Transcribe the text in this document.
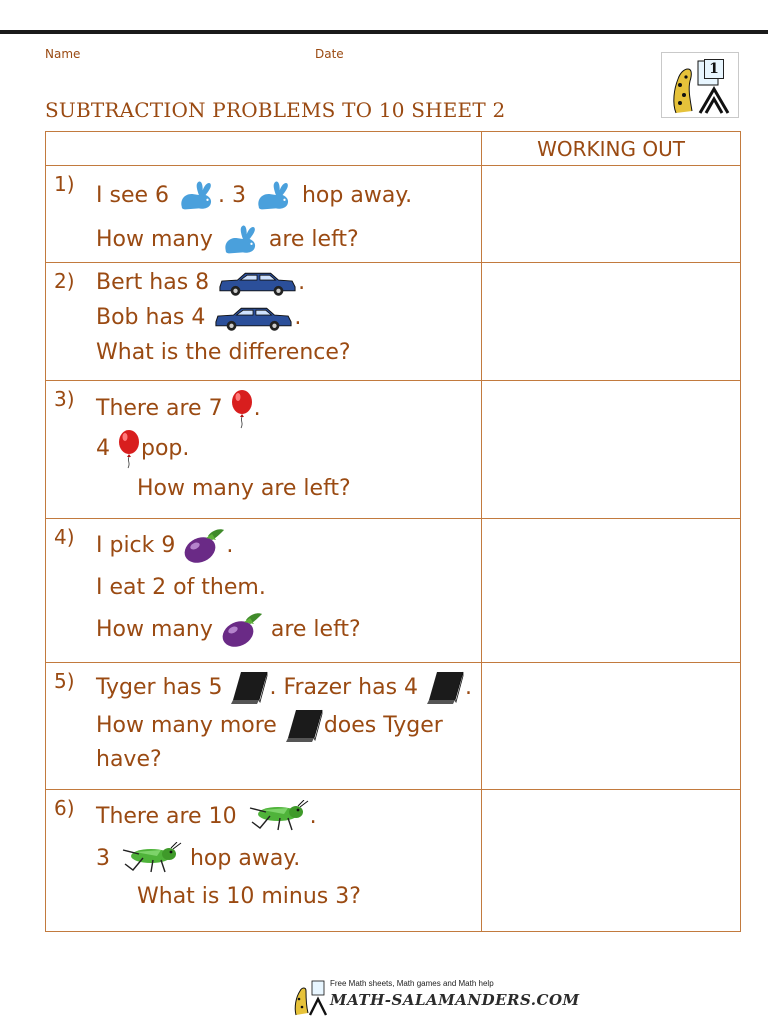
Name	Date
1
SUBTRACTION PROBLEMS TO 10 SHEET 2
	WORKING OUT

1) I see 6 . 3  hop away.
How many  are left?	

2) Bert has 8 .
Bob has 4 .
What is the difference?	

3) There are 7 .
4 pop.
How many are left?	

4) I pick 9 .
I eat 2 of them.
How many  are left?	

5) Tyger has 5 . Frazer has 4 .
How many more does Tyger
have?	

6) There are 10 .
3 hop away.
What is 10 minus 3?	

Free Math sheets, Math games and Math help
MATH-SALAMANDERS.COM
